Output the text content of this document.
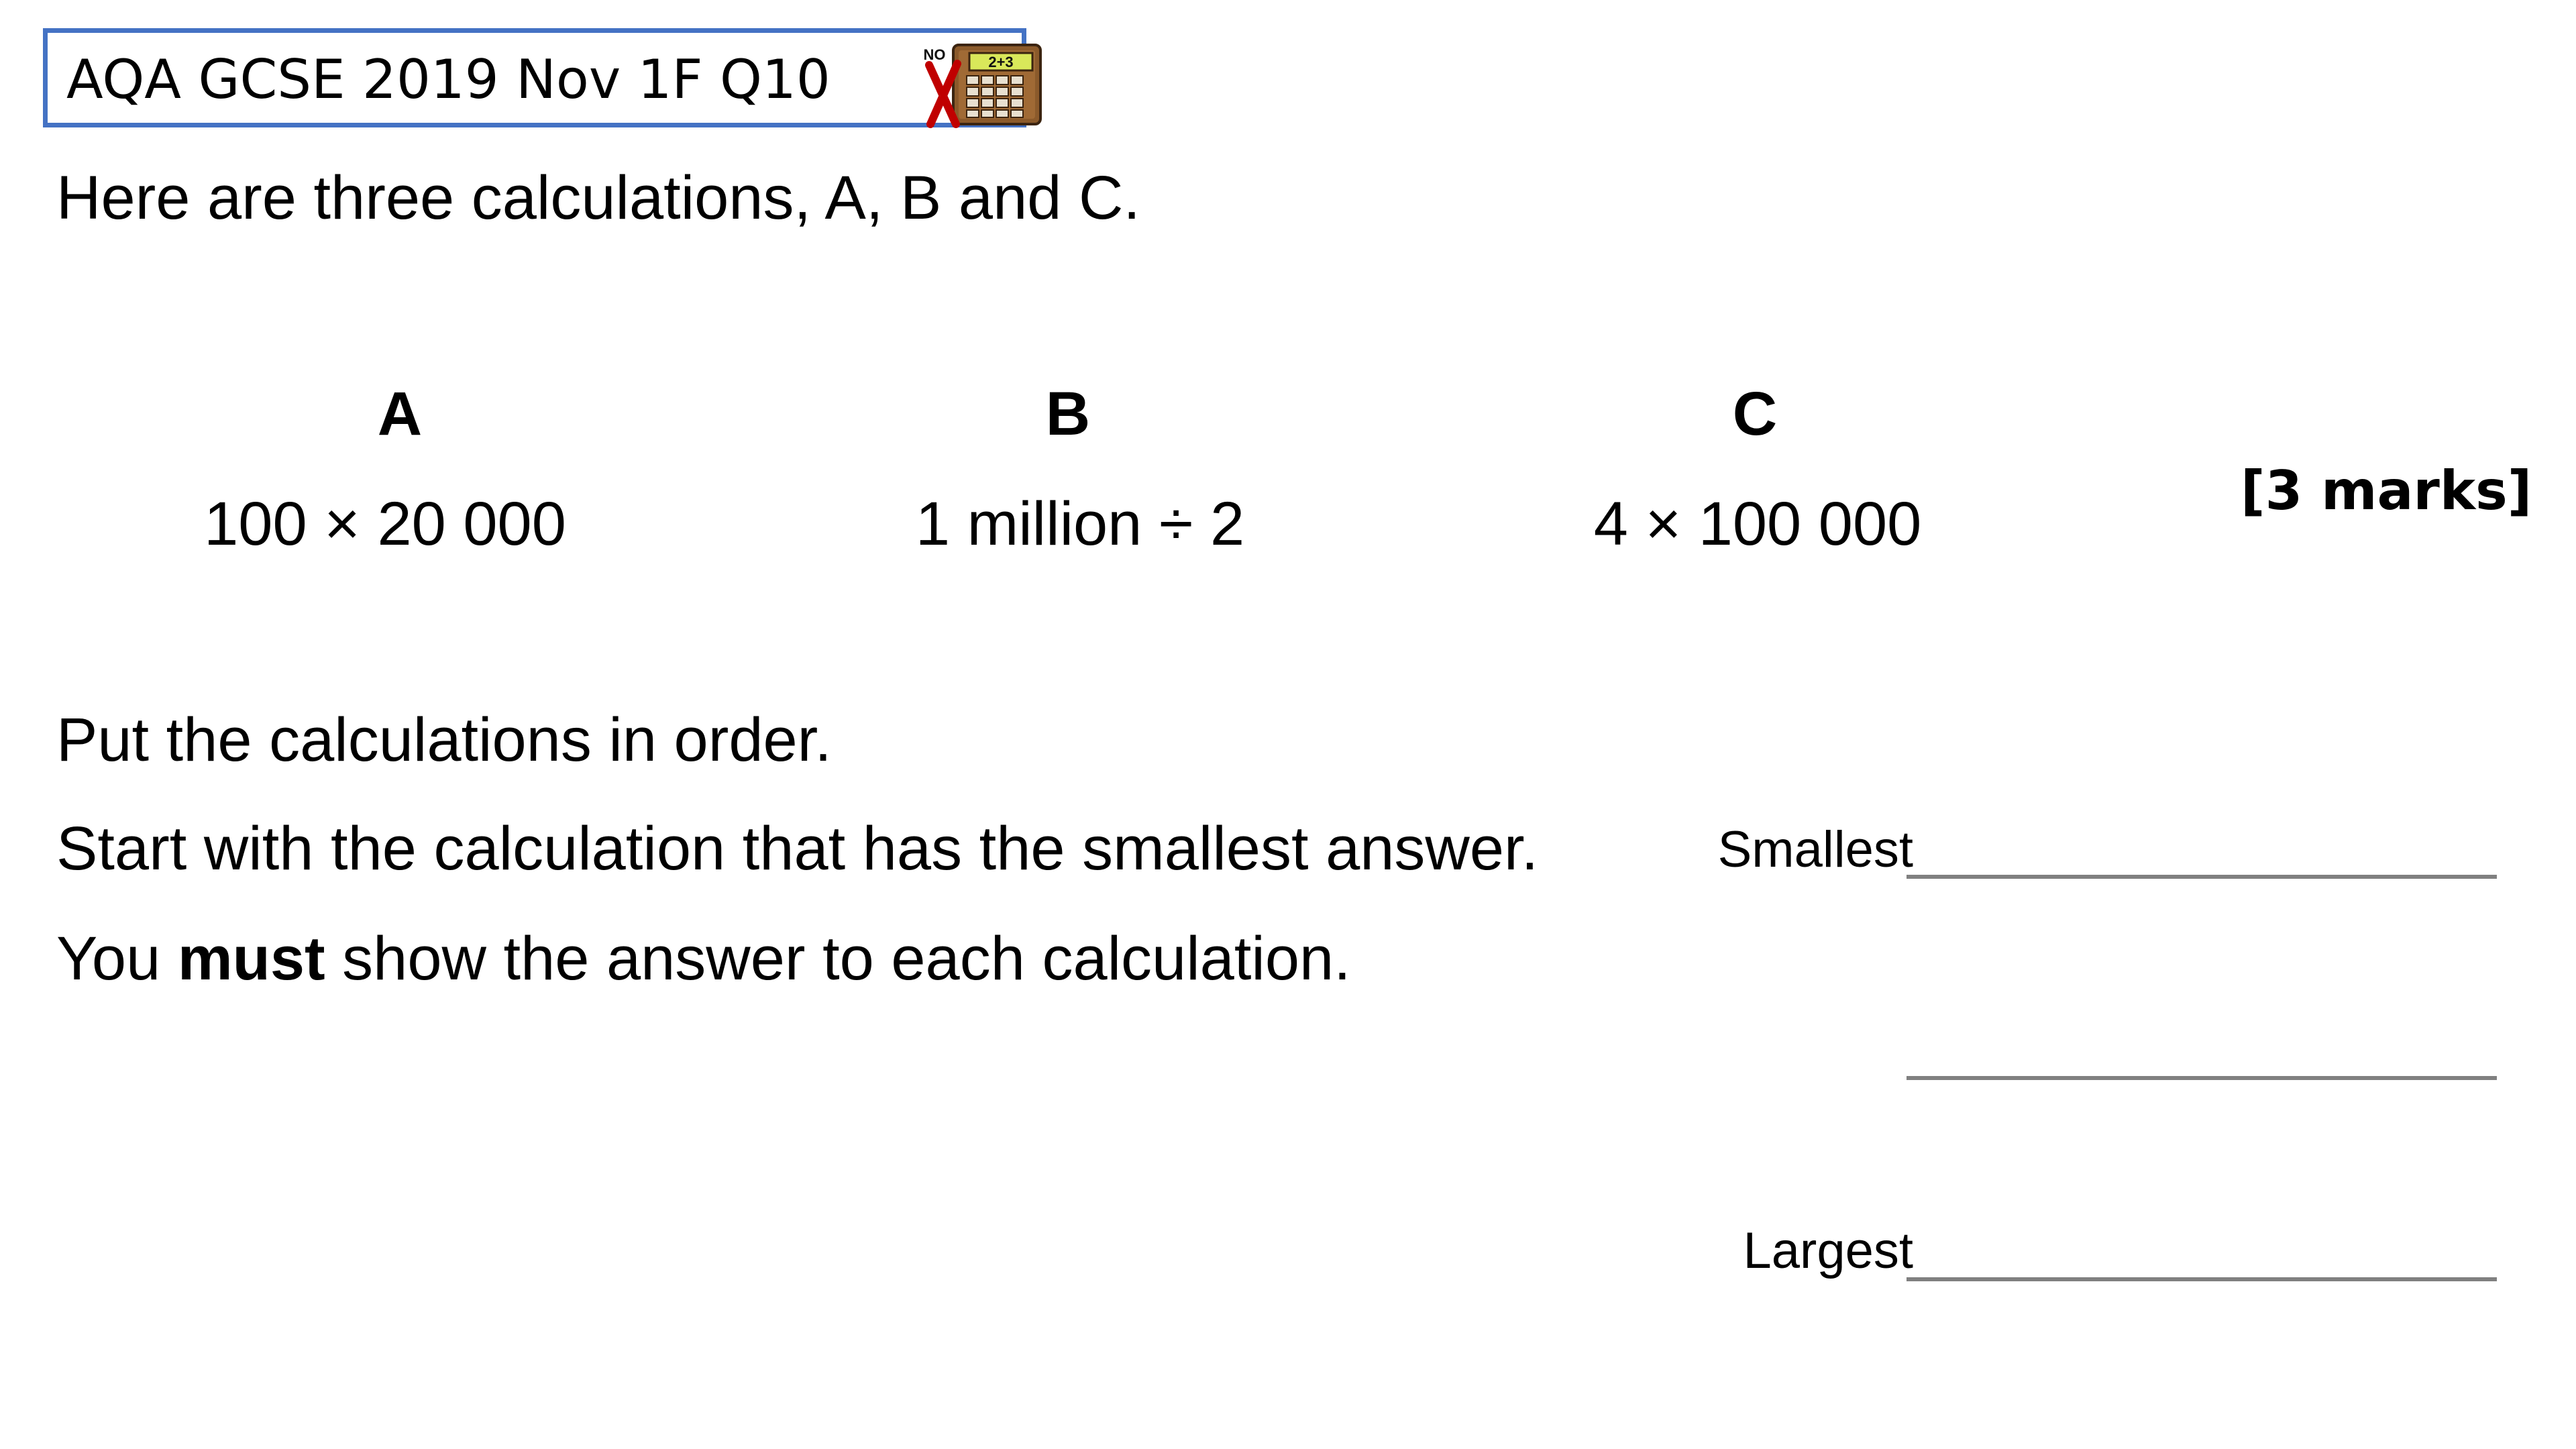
AQA GCSE 2019 Nov 1F Q10	2+3
NO
Here are three calculations, A, B and C.
A	B	C
100 × 20 000	1 million ÷ 2	4 × 100 000	[3 marks]
Put the calculations in order.
Start with the calculation that has the smallest answer.
You must show the answer to each calculation.
Smallest
Largest
